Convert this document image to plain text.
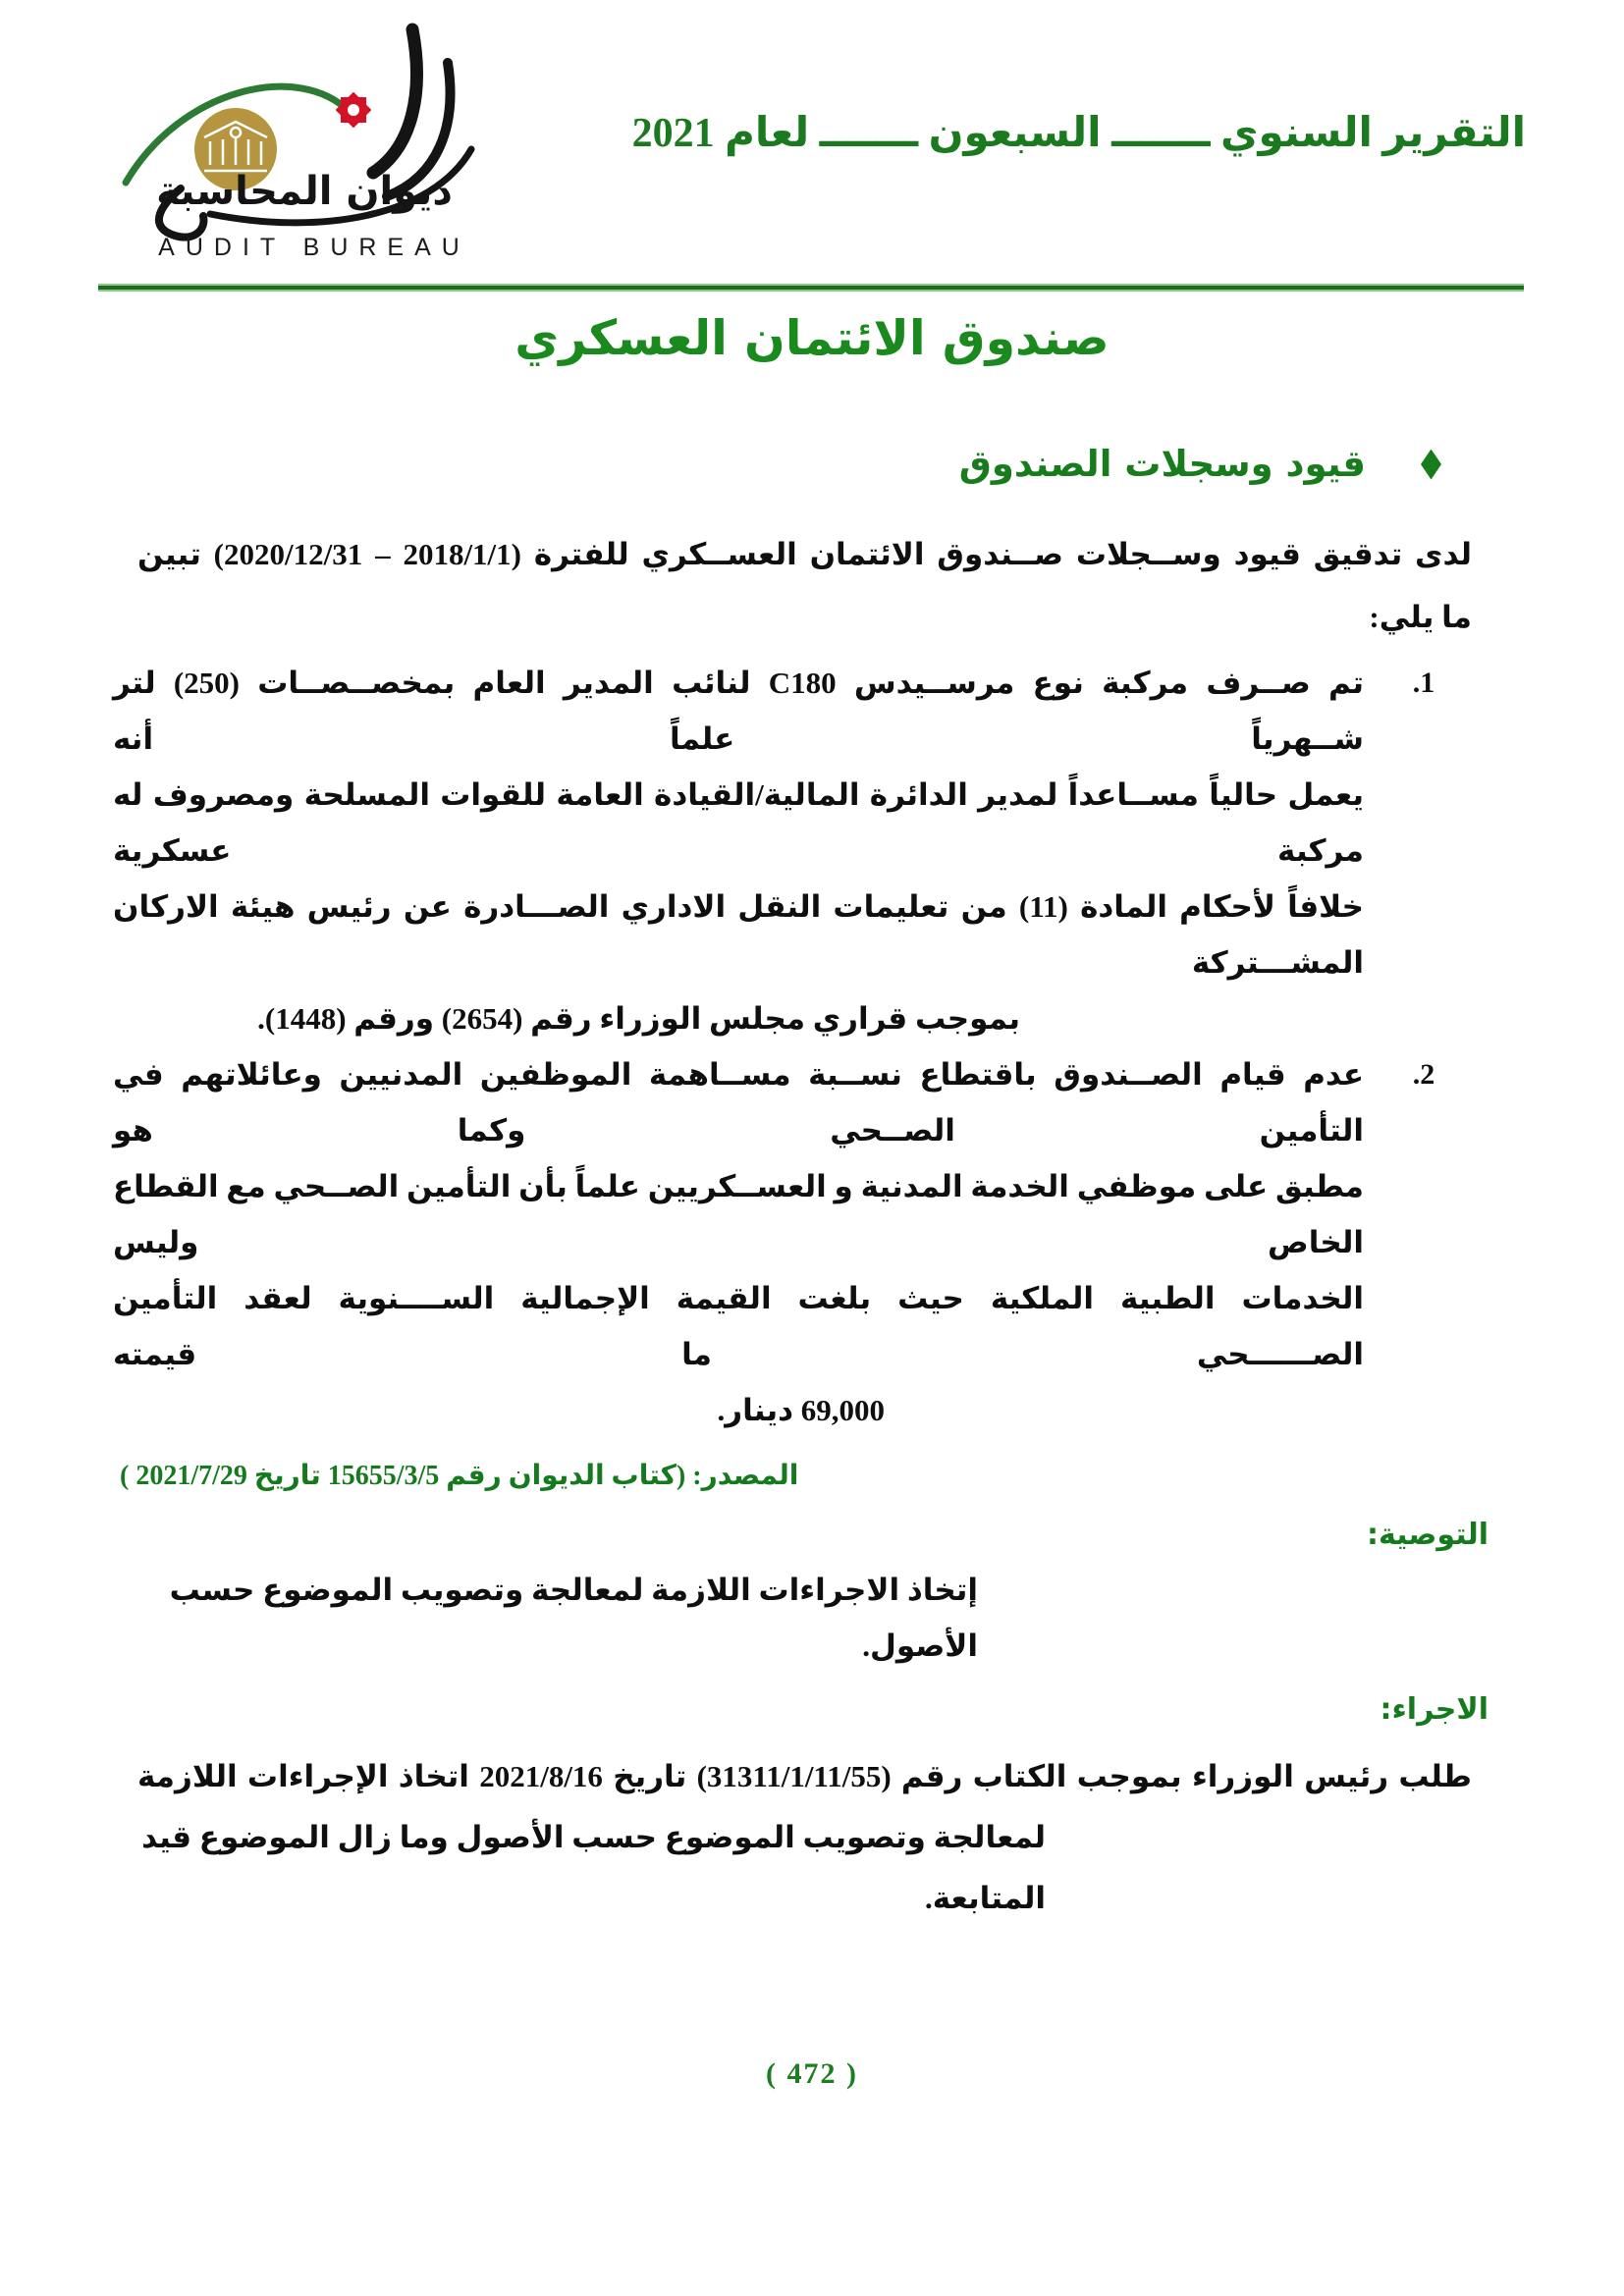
ديوان المحاسبة
AUDIT BUREAU
التقرير السنوي ـــــــ السبعون ـــــــ لعام 2021
صندوق الائتمان العسكري
قيود وسجلات الصندوق
لدى تدقيق قيود وســجلات صــندوق الائتمان العســكري للفترة (2018/1/1 ‏–‏ 2020/12/31) تبين
ما يلي:
1.
تم صــرف مركبة نوع مرســيدس C180 لنائب المدير العام بمخصــصــات (250) لتر شــهرياً علماً أنه
يعمل حالياً مســاعداً لمدير الدائرة المالية/القيادة العامة للقوات المسلحة ومصروف له مركبة عسكرية
خلافاً لأحكام المادة (11) من تعليمات النقل الاداري الصـــادرة عن رئيس هيئة الاركان المشـــتركة
بموجب قراري مجلس الوزراء رقم (2654) ورقم (1448).
2.
عدم قيام الصــندوق باقتطاع نســبة مســاهمة الموظفين المدنيين وعائلاتهم في التأمين الصــحي وكما هو
مطبق على موظفي الخدمة المدنية و العســكريين علماً بأن التأمين الصــحي مع القطاع الخاص وليس
الخدمات الطبية الملكية حيث بلغت القيمة الإجمالية الســــنوية لعقد التأمين الصــــــحي ما قيمته
69,000 دينار.
المصدر: (كتاب الديوان رقم 15655/3/5 تاريخ 2021/7/29 )
التوصية:
إتخاذ الاجراءات اللازمة لمعالجة وتصويب الموضوع حسب الأصول.
الاجراء:
طلب رئيس الوزراء بموجب الكتاب رقم (31311/1/11/55) تاريخ 2021/8/16 اتخاذ الإجراءات اللازمة
لمعالجة وتصويب الموضوع حسب الأصول وما زال الموضوع قيد المتابعة.
( 472 )
